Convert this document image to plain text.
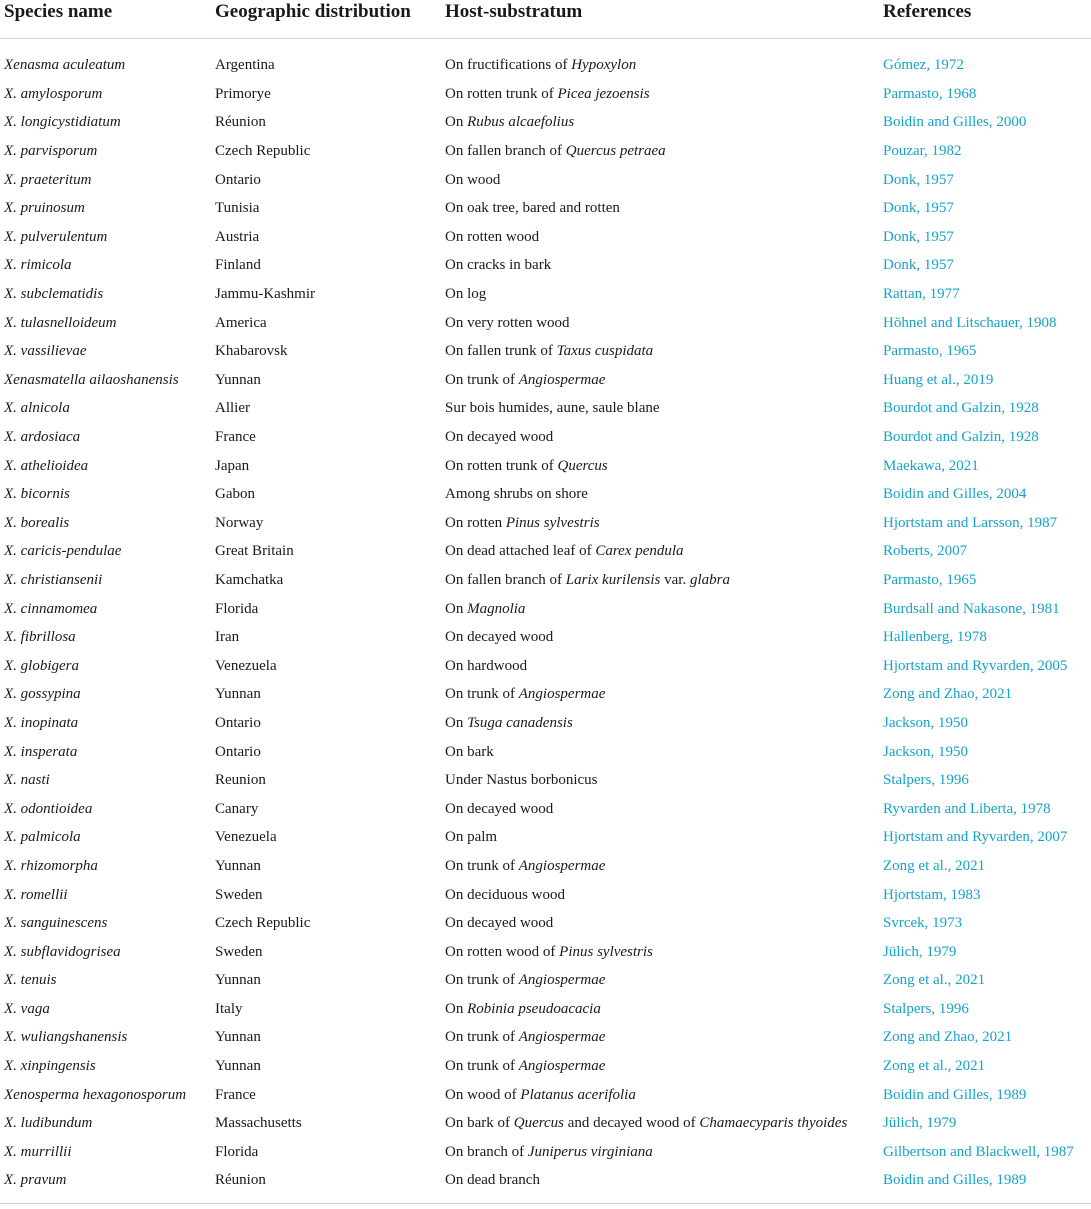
Species name	Geographic distribution	Host-substratum	References

Xenasma aculeatum	Argentina	On fructifications of Hypoxylon	Gómez, 1972
X. amylosporum	Primorye	On rotten trunk of Picea jezoensis	Parmasto, 1968
X. longicystidiatum	Réunion	On Rubus alcaefolius	Boidin and Gilles, 2000
X. parvisporum	Czech Republic	On fallen branch of Quercus petraea	Pouzar, 1982
X. praeteritum	Ontario	On wood	Donk, 1957
X. pruinosum	Tunisia	On oak tree, bared and rotten	Donk, 1957
X. pulverulentum	Austria	On rotten wood	Donk, 1957
X. rimicola	Finland	On cracks in bark	Donk, 1957
X. subclematidis	Jammu-Kashmir	On log	Rattan, 1977
X. tulasnelloideum	America	On very rotten wood	Höhnel and Litschauer, 1908
X. vassilievae	Khabarovsk	On fallen trunk of Taxus cuspidata	Parmasto, 1965
Xenasmatella ailaoshanensis	Yunnan	On trunk of Angiospermae	Huang et al., 2019
X. alnicola	Allier	Sur bois humides, aune, saule blane	Bourdot and Galzin, 1928
X. ardosiaca	France	On decayed wood	Bourdot and Galzin, 1928
X. athelioidea	Japan	On rotten trunk of Quercus	Maekawa, 2021
X. bicornis	Gabon	Among shrubs on shore	Boidin and Gilles, 2004
X. borealis	Norway	On rotten Pinus sylvestris	Hjortstam and Larsson, 1987
X. caricis-pendulae	Great Britain	On dead attached leaf of Carex pendula	Roberts, 2007
X. christiansenii	Kamchatka	On fallen branch of Larix kurilensis var. glabra	Parmasto, 1965
X. cinnamomea	Florida	On Magnolia	Burdsall and Nakasone, 1981
X. fibrillosa	Iran	On decayed wood	Hallenberg, 1978
X. globigera	Venezuela	On hardwood	Hjortstam and Ryvarden, 2005
X. gossypina	Yunnan	On trunk of Angiospermae	Zong and Zhao, 2021
X. inopinata	Ontario	On Tsuga canadensis	Jackson, 1950
X. insperata	Ontario	On bark	Jackson, 1950
X. nasti	Reunion	Under Nastus borbonicus	Stalpers, 1996
X. odontioidea	Canary	On decayed wood	Ryvarden and Liberta, 1978
X. palmicola	Venezuela	On palm	Hjortstam and Ryvarden, 2007
X. rhizomorpha	Yunnan	On trunk of Angiospermae	Zong et al., 2021
X. romellii	Sweden	On deciduous wood	Hjortstam, 1983
X. sanguinescens	Czech Republic	On decayed wood	Svrcek, 1973
X. subflavidogrisea	Sweden	On rotten wood of Pinus sylvestris	Jülich, 1979
X. tenuis	Yunnan	On trunk of Angiospermae	Zong et al., 2021
X. vaga	Italy	On Robinia pseudoacacia	Stalpers, 1996
X. wuliangshanensis	Yunnan	On trunk of Angiospermae	Zong and Zhao, 2021
X. xinpingensis	Yunnan	On trunk of Angiospermae	Zong et al., 2021
Xenosperma hexagonosporum	France	On wood of Platanus acerifolia	Boidin and Gilles, 1989
X. ludibundum	Massachusetts	On bark of Quercus and decayed wood of Chamaecyparis thyoides	Jülich, 1979
X. murrillii	Florida	On branch of Juniperus virginiana	Gilbertson and Blackwell, 1987
X. pravum	Réunion	On dead branch	Boidin and Gilles, 1989
